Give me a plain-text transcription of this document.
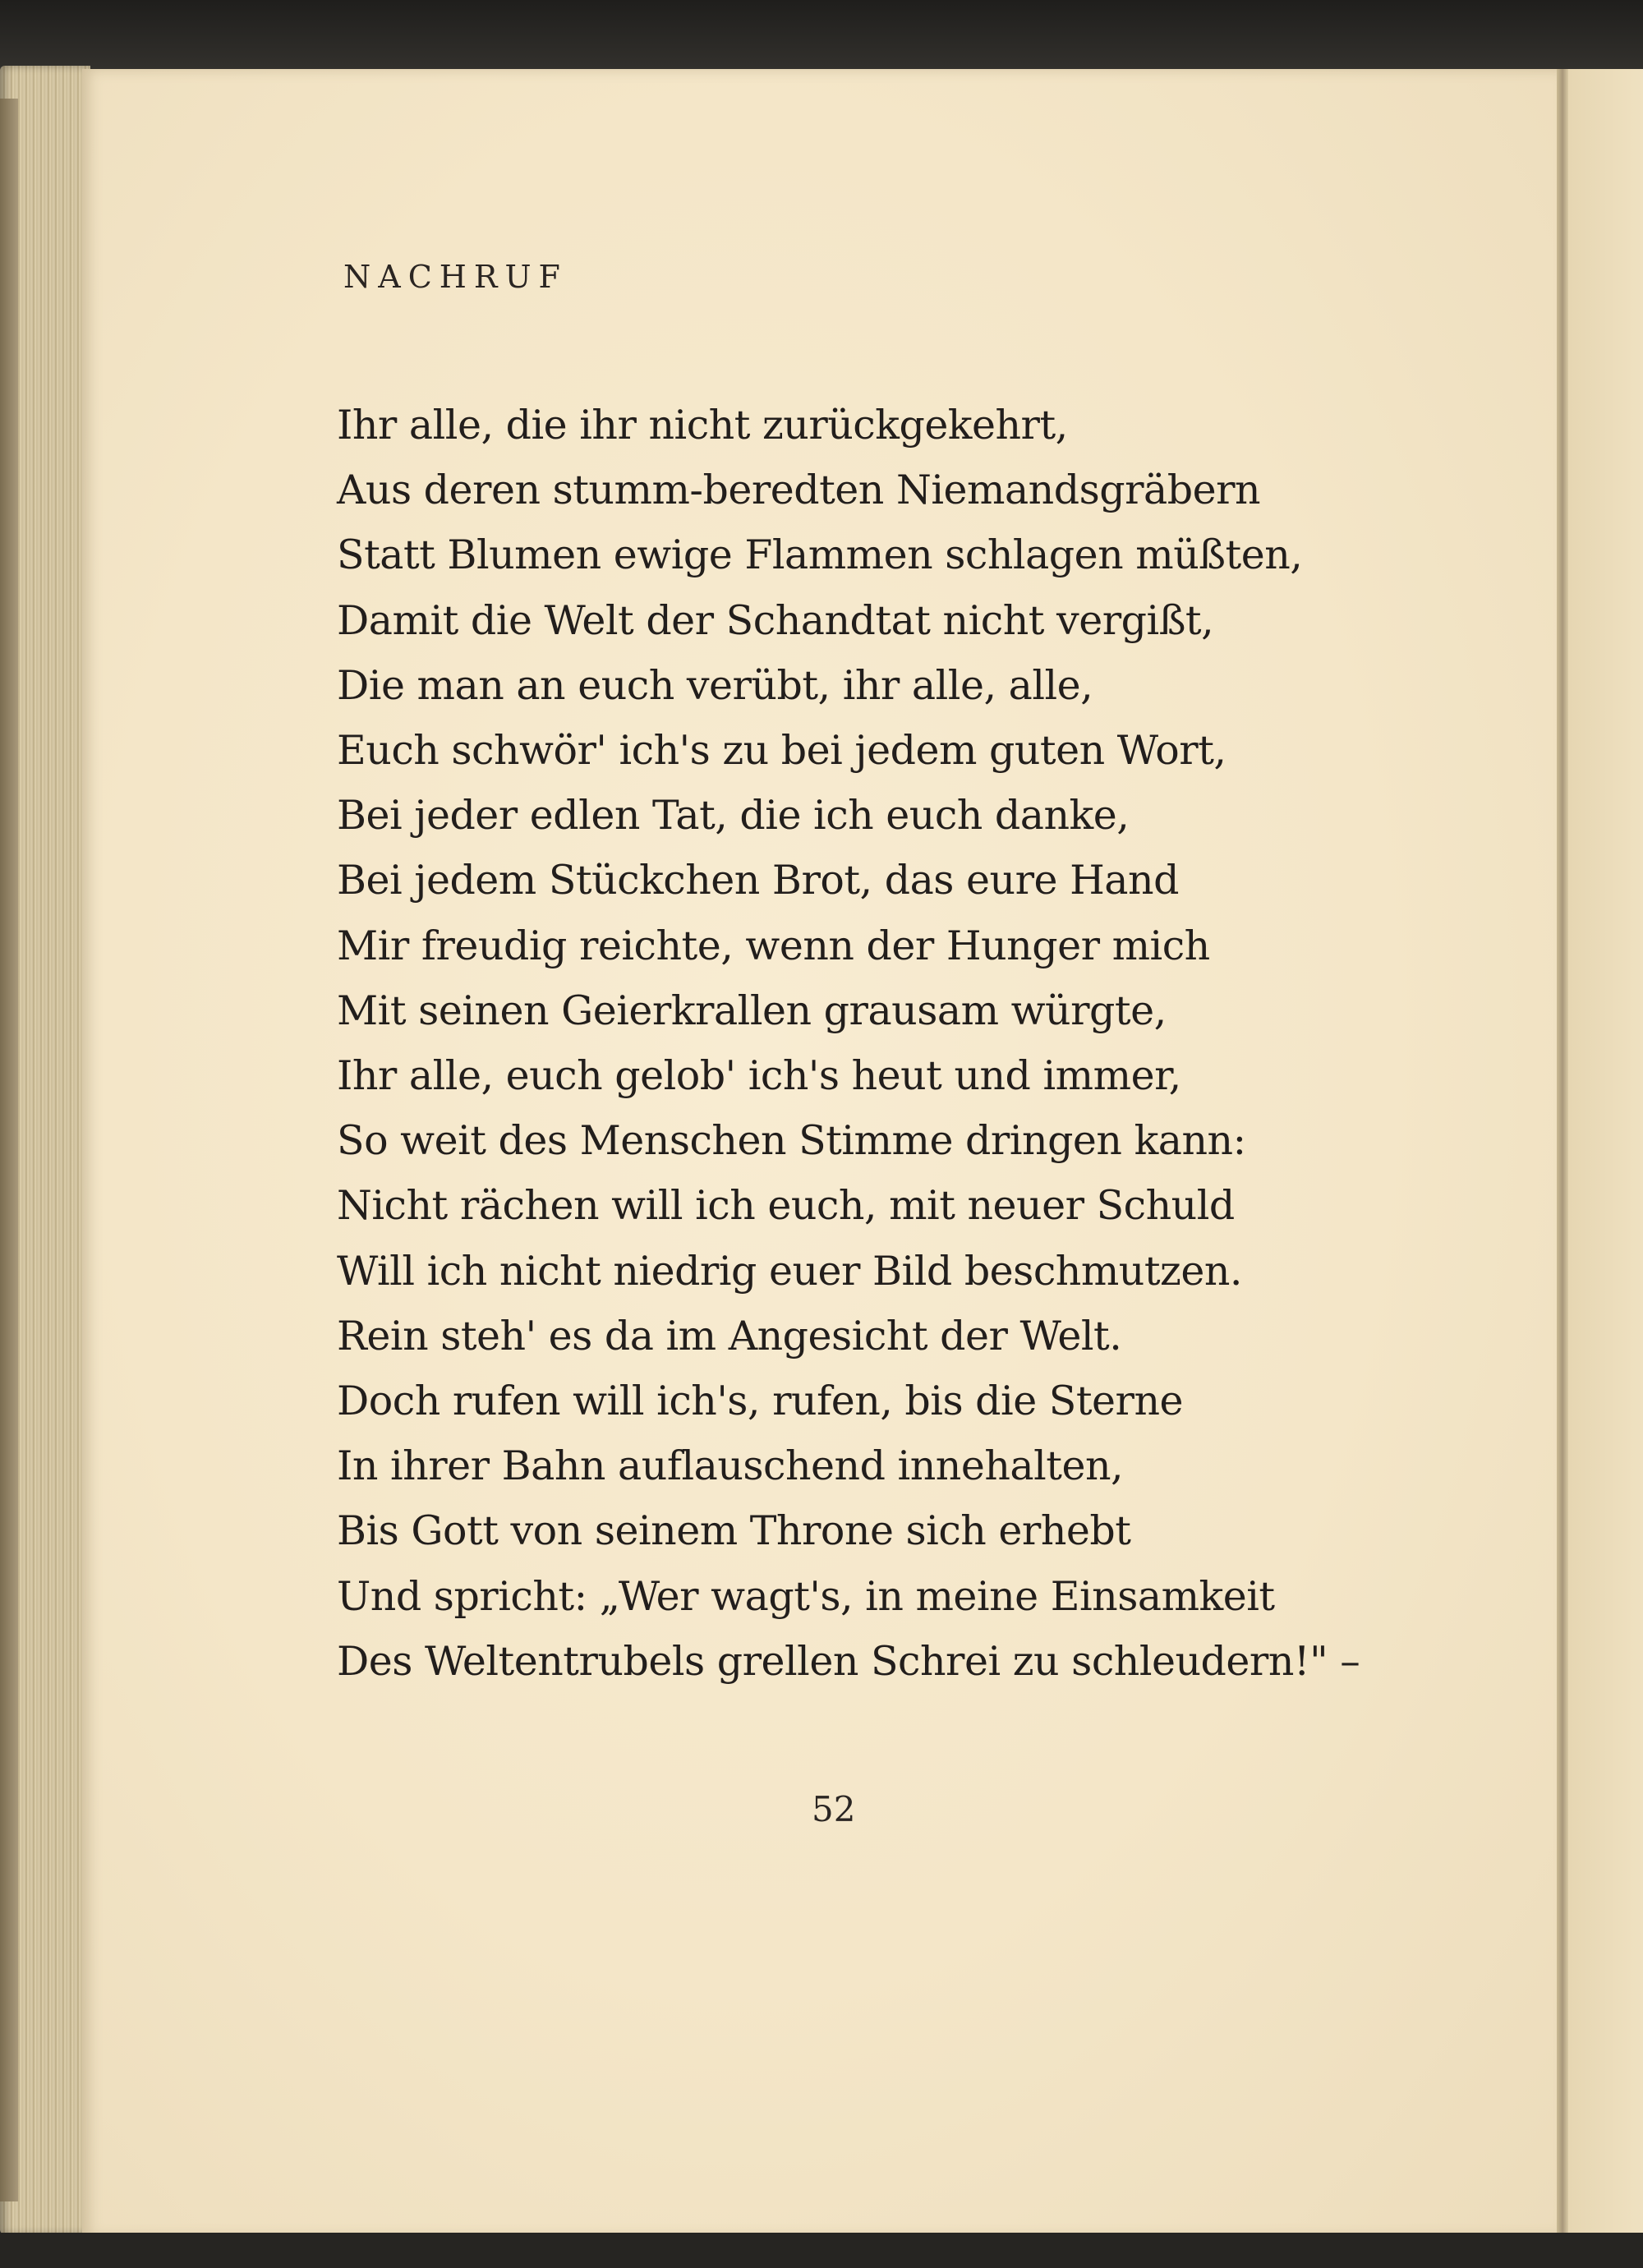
NACHRUF
Ihr alle, die ihr nicht zurückgekehrt,
Aus deren stumm-beredten Niemandsgräbern
Statt Blumen ewige Flammen schlagen müßten,
Damit die Welt der Schandtat nicht vergißt,
Die man an euch verübt, ihr alle, alle,
Euch schwör' ich's zu bei jedem guten Wort,
Bei jeder edlen Tat, die ich euch danke,
Bei jedem Stückchen Brot, das eure Hand
Mir freudig reichte, wenn der Hunger mich
Mit seinen Geierkrallen grausam würgte,
Ihr alle, euch gelob' ich's heut und immer,
So weit des Menschen Stimme dringen kann:
Nicht rächen will ich euch, mit neuer Schuld
Will ich nicht niedrig euer Bild beschmutzen.
Rein steh' es da im Angesicht der Welt.
Doch rufen will ich's, rufen, bis die Sterne
In ihrer Bahn auflauschend innehalten,
Bis Gott von seinem Throne sich erhebt
Und spricht: „Wer wagt's, in meine Einsamkeit
Des Weltentrubels grellen Schrei zu schleudern!" –
52
